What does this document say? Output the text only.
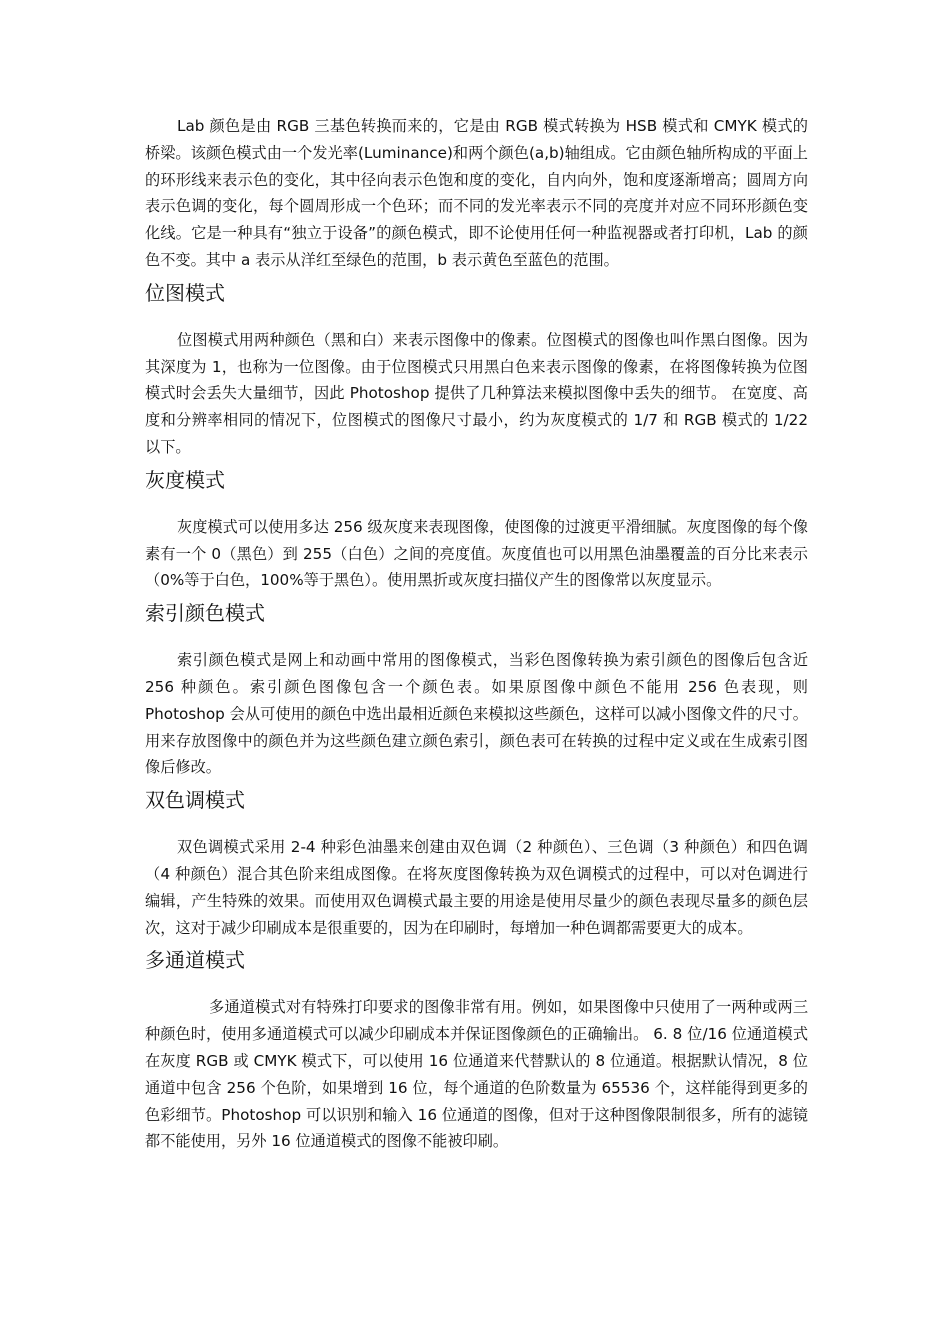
Lab 颜色是由 RGB 三基色转换而来的，它是由 RGB 模式转换为 HSB 模式和 CMYK 模式的桥梁。该颜色模式由一个发光率(Luminance)和两个颜色(a,b)轴组成。它由颜色轴所构成的平面上的环形线来表示色的变化，其中径向表示色饱和度的变化，自内向外，饱和度逐渐增高；圆周方向表示色调的变化，每个圆周形成一个色环；而不同的发光率表示不同的亮度并对应不同环形颜色变化线。它是一种具有“独立于设备”的颜色模式，即不论使用任何一种监视器或者打印机，Lab 的颜色不变。其中 a 表示从洋红至绿色的范围，b 表示黄色至蓝色的范围。

位图模式

位图模式用两种颜色（黑和白）来表示图像中的像素。位图模式的图像也叫作黑白图像。因为其深度为 1，也称为一位图像。由于位图模式只用黑白色来表示图像的像素，在将图像转换为位图模式时会丢失大量细节，因此 Photoshop 提供了几种算法来模拟图像中丢失的细节。 在宽度、高度和分辨率相同的情况下，位图模式的图像尺寸最小，约为灰度模式的 1/7 和 RGB 模式的 1/22 以下。

灰度模式

灰度模式可以使用多达 256 级灰度来表现图像，使图像的过渡更平滑细腻。灰度图像的每个像素有一个 0（黑色）到 255（白色）之间的亮度值。灰度值也可以用黑色油墨覆盖的百分比来表示（0%等于白色，100%等于黑色）。使用黑折或灰度扫描仪产生的图像常以灰度显示。

索引颜色模式

索引颜色模式是网上和动画中常用的图像模式，当彩色图像转换为索引颜色的图像后包含近 256 种颜色。索引颜色图像包含一个颜色表。如果原图像中颜色不能用 256 色表现，则 Photoshop 会从可使用的颜色中选出最相近颜色来模拟这些颜色，这样可以减小图像文件的尺寸。用来存放图像中的颜色并为这些颜色建立颜色索引，颜色表可在转换的过程中定义或在生成索引图像后修改。

双色调模式

双色调模式采用 2-4 种彩色油墨来创建由双色调（2 种颜色）、三色调（3 种颜色）和四色调（4 种颜色）混合其色阶来组成图像。在将灰度图像转换为双色调模式的过程中，可以对色调进行编辑，产生特殊的效果。而使用双色调模式最主要的用途是使用尽量少的颜色表现尽量多的颜色层次，这对于减少印刷成本是很重要的，因为在印刷时，每增加一种色调都需要更大的成本。

多通道模式

多通道模式对有特殊打印要求的图像非常有用。例如，如果图像中只使用了一两种或两三种颜色时，使用多通道模式可以减少印刷成本并保证图像颜色的正确输出。 6. 8 位/16 位通道模式 在灰度 RGB 或 CMYK 模式下，可以使用 16 位通道来代替默认的 8 位通道。根据默认情况，8 位通道中包含 256 个色阶，如果增到 16 位，每个通道的色阶数量为 65536 个，这样能得到更多的色彩细节。Photoshop 可以识别和输入 16 位通道的图像，但对于这种图像限制很多，所有的滤镜都不能使用，另外 16 位通道模式的图像不能被印刷。
